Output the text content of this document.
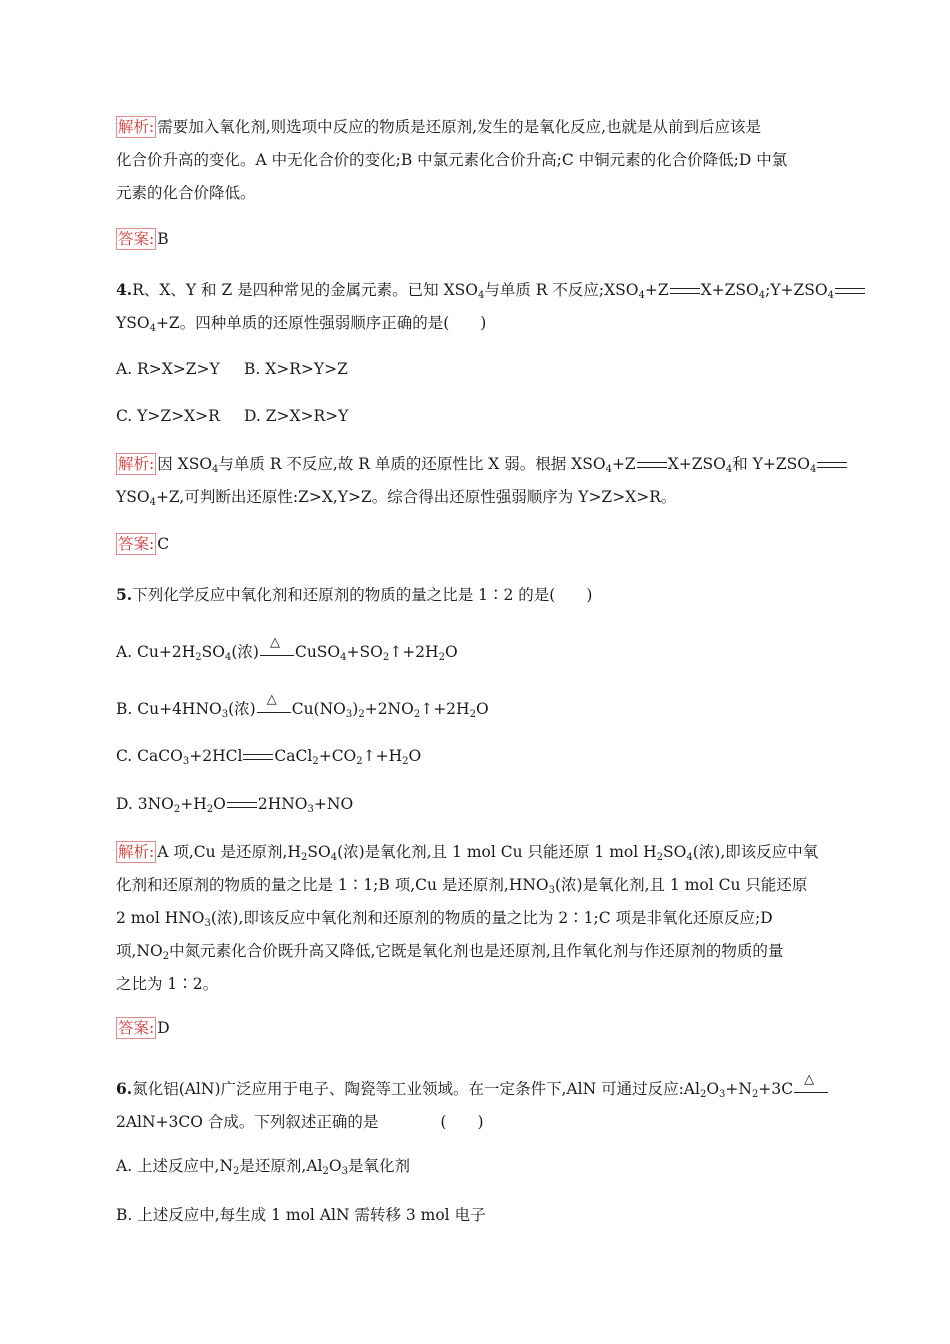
解析: 需要加入氧化剂,则选项中反应的物质是还原剂,发生的是氧化反应,也就是从前到后应该是
化合价升高的变化。A 中无化合价的变化;B 中氯元素化合价升高;C 中铜元素的化合价降低;D 中氯
元素的化合价降低。
答案: B
4.R、X、Y 和 Z 是四种常见的金属元素。已知 $XSO_4$与单质 R 不反应$;XSO_4+Z$ $X+ZSO_4;Y+ZSO_4$
$YSO_4+Z$。四种单质的还原性强弱顺序正确的是(　　)
A. R>X>Z>Y B. X>R>Y>Z
C. Y>Z>X>R D. Z>X>R>Y
解析: 因 $XSO_4$与单质 R 不反应,故 R 单质的还原性比 X 弱。根据 $XSO_4+Z$ $X+ZSO_4$和 $Y+ZSO_4$
$YSO_4+Z$,可判断出还原性:Z>X,Y>Z。综合得出还原性强弱顺序为 Y>Z>X>R。
答案: C
5.下列化学反应中氧化剂和还原剂的物质的量之比是 1∶2 的是(　　)
A. $Cu+2H_2SO_4$(浓)
△
$CuSO_4+SO_2↑+2H_2O$
B. $Cu+4HNO_3$(浓)
△
$Cu(NO_3)_2+2NO_2↑+2H_2O$
C. CaCO$_3$+2HCl $CaCl_2+CO_2↑+H_2O$
D. $3NO_2+H_2O$ $2HNO_3+NO$
解析: A 项,Cu 是还原剂$,H_2SO_4$(浓)是氧化剂,且 1 mol Cu 只能还原 1 mol $H_2SO_4$(浓),即该反应中氧
化剂和还原剂的物质的量之比是 1∶1;B 项,Cu 是还原剂$,HNO_3$(浓)是氧化剂,且 1 mol Cu 只能还原
2 mol $HNO_3$(浓),即该反应中氧化剂和还原剂的物质的量之比为 2∶1;C 项是非氧化还原反应;D
项$,NO_2$中氮元素化合价既升高又降低,它既是氧化剂也是还原剂,且作氧化剂与作还原剂的物质的量
之比为 1∶2。
答案: D
6.氮化铝(AlN)广泛应用于电子、陶瓷等工业领域。在一定条件下,AlN 可通过反应$:Al_2O_3+N_2+3C$
△

2AlN+3CO 合成。下列叙述正确的是　　　　(　　)
A. 上述反应中$,N_2$是还原剂$,Al_2O_3$是氧化剂
B. 上述反应中,每生成 1 mol AlN 需转移 3 mol 电子
